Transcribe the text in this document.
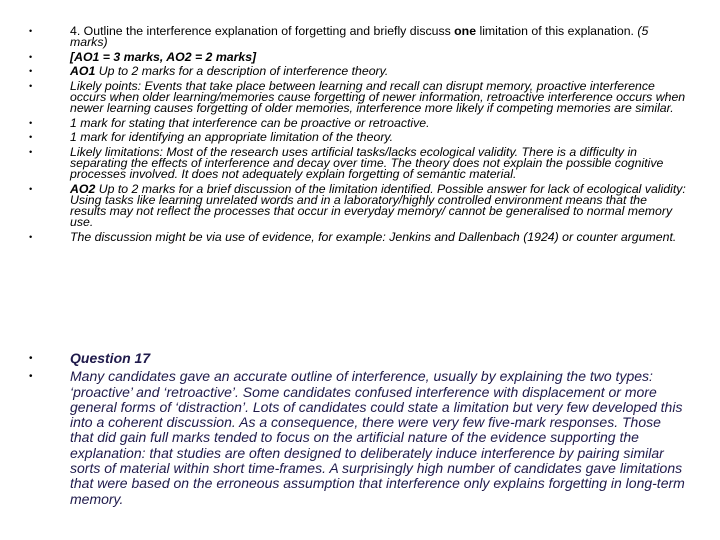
•	4. Outline the interference explanation of forgetting and briefly discuss one limitation of this explanation. (5 marks)
•	[AO1 = 3 marks, AO2 = 2 marks]
•	AO1 Up to 2 marks for a description of interference theory.
•	Likely points: Events that take place between learning and recall can disrupt memory, proactive interference occurs when older learning/memories cause forgetting of newer information, retroactive interference occurs when newer learning causes forgetting of older memories, interference more likely if competing memories are similar.
•	1 mark for stating that interference can be proactive or retroactive.
•	1 mark for identifying an appropriate limitation of the theory.
•	Likely limitations: Most of the research uses artificial tasks/lacks ecological validity. There is a difficulty in separating the effects of interference and decay over time. The theory does not explain the possible cognitive processes involved. It does not adequately explain forgetting of semantic material.
•	AO2 Up to 2 marks for a brief discussion of the limitation identified. Possible answer for lack of ecological validity: Using tasks like learning unrelated words and in a laboratory/highly controlled environment means that the results may not reflect the processes that occur in everyday memory/ cannot be generalised to normal memory use.
•	The discussion might be via use of evidence, for example: Jenkins and Dallenbach (1924) or counter argument.
•	Question 17
•	Many candidates gave an accurate outline of interference, usually by explaining the two types: ‘proactive’ and ‘retroactive’. Some candidates confused interference with displacement or more general forms of ‘distraction’. Lots of candidates could state a limitation but very few developed this into a coherent discussion. As a consequence, there were very few five-mark responses. Those that did gain full marks tended to focus on the artificial nature of the evidence supporting the explanation: that studies are often designed to deliberately induce interference by pairing similar sorts of material within short time-frames. A surprisingly high number of candidates gave limitations that were based on the erroneous assumption that interference only explains forgetting in long-term memory.
